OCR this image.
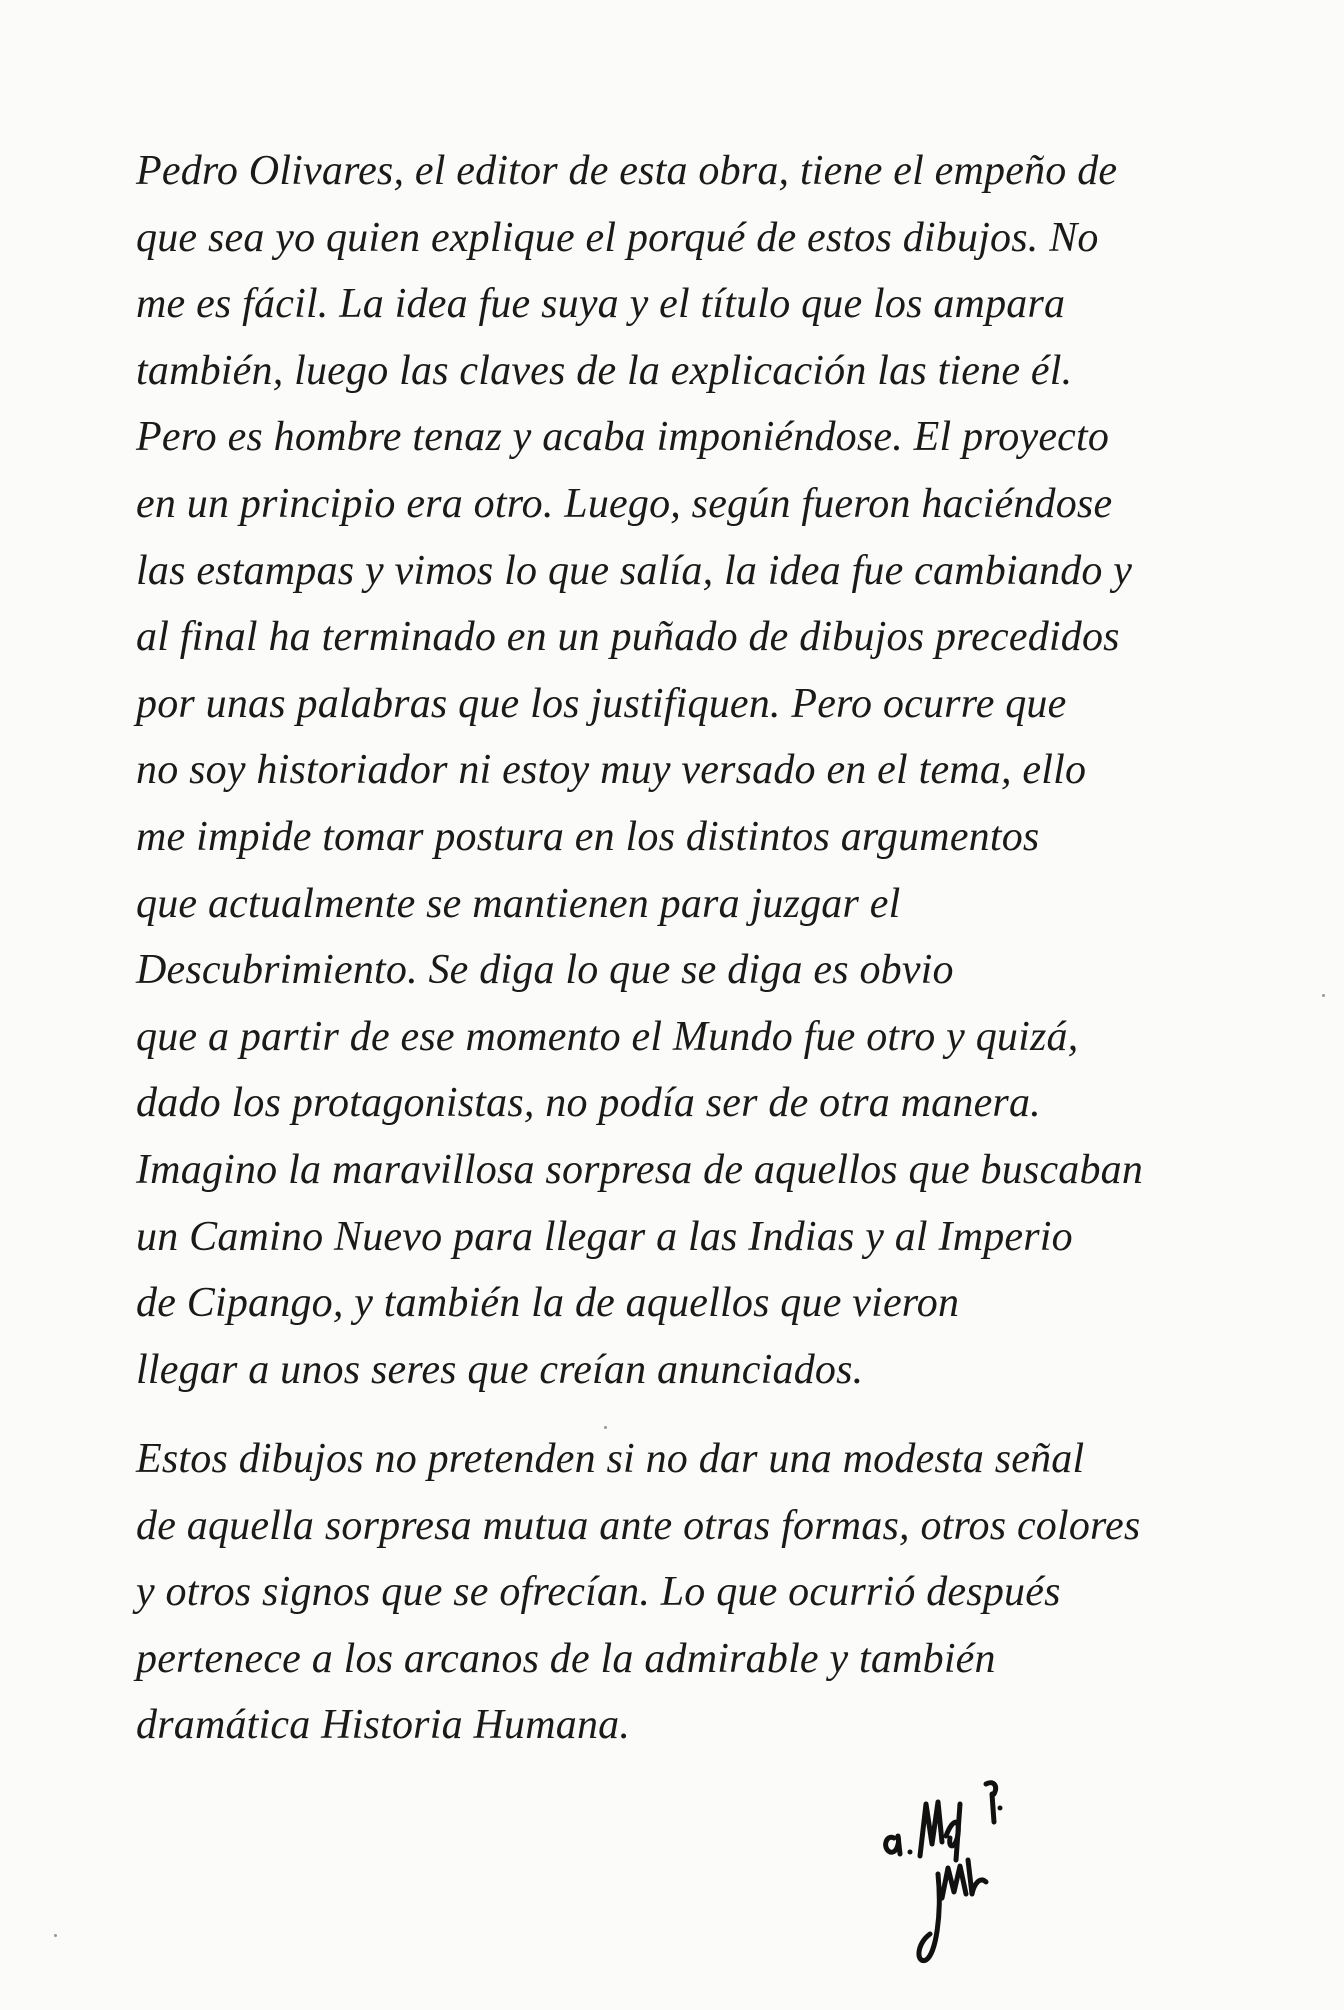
Pedro Olivares, el editor de esta obra, tiene el empeño de
que sea yo quien explique el porqué de estos dibujos. No
me es fácil. La idea fue suya y el título que los ampara
también, luego las claves de la explicación las tiene él.
Pero es hombre tenaz y acaba imponiéndose. El proyecto
en un principio era otro. Luego, según fueron haciéndose
las estampas y vimos lo que salía, la idea fue cambiando y
al final ha terminado en un puñado de dibujos precedidos
por unas palabras que los justifiquen. Pero ocurre que
no soy historiador ni estoy muy versado en el tema, ello
me impide tomar postura en los distintos argumentos
que actualmente se mantienen para juzgar el
Descubrimiento. Se diga lo que se diga es obvio
que a partir de ese momento el Mundo fue otro y quizá,
dado los protagonistas, no podía ser de otra manera.
Imagino la maravillosa sorpresa de aquellos que buscaban
un Camino Nuevo para llegar a las Indias y al Imperio
de Cipango, y también la de aquellos que vieron
llegar a unos seres que creían anunciados.
Estos dibujos no pretenden si no dar una modesta señal
de aquella sorpresa mutua ante otras formas, otros colores
y otros signos que se ofrecían. Lo que ocurrió después
pertenece a los arcanos de la admirable y también
dramática Historia Humana.
